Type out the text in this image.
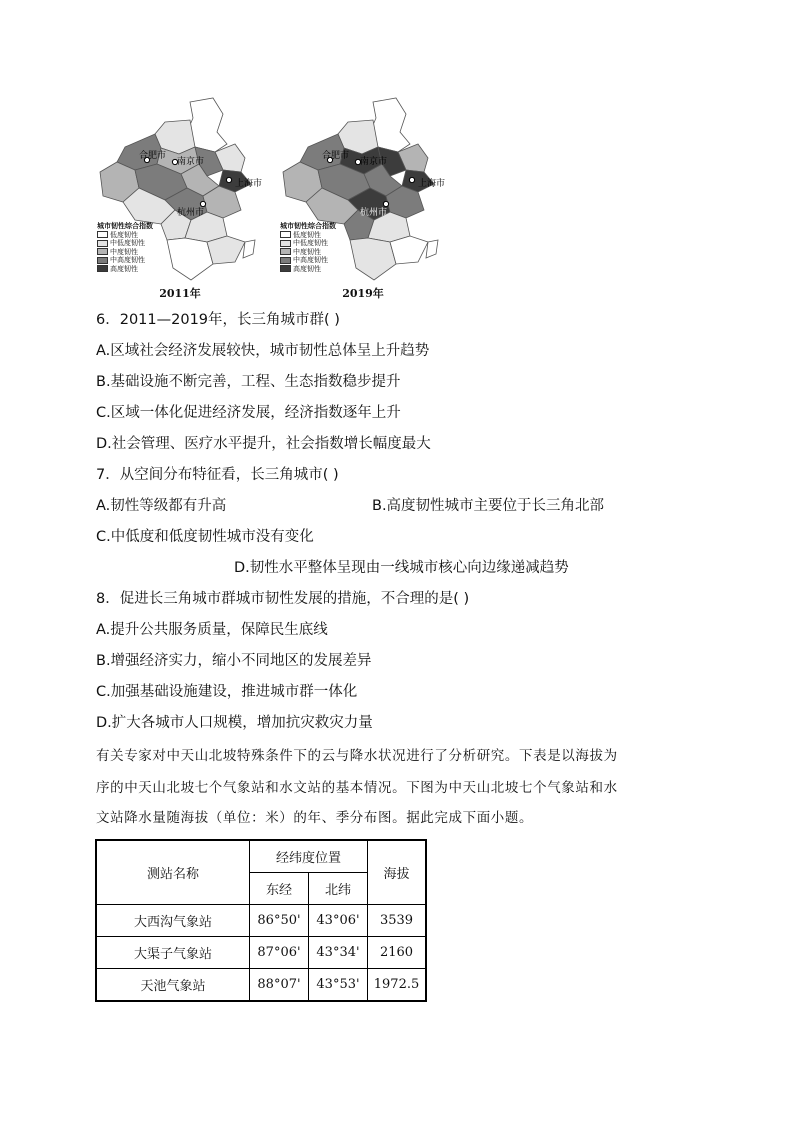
合肥市
南京市
上海市
杭州市
城市韧性综合指数
低度韧性
中低度韧性
中度韧性
中高度韧性
高度韧性
2011年
合肥市
南京市
上海市
杭州市
城市韧性综合指数
低度韧性
中低度韧性
中度韧性
中高度韧性
高度韧性
2019年
6．2011—2019年，长三角城市群( )
A.区域社会经济发展较快，城市韧性总体呈上升趋势
B.基础设施不断完善，工程、生态指数稳步提升
C.区域一体化促进经济发展，经济指数逐年上升
D.社会管理、医疗水平提升，社会指数增长幅度最大
7．从空间分布特征看，长三角城市( )
A.韧性等级都有升高	B.高度韧性城市主要位于长三角北部
C.中低度和低度韧性城市没有变化
D.韧性水平整体呈现由一线城市核心向边缘递减趋势
8．促进长三角城市群城市韧性发展的措施，不合理的是( )
A.提升公共服务质量，保障民生底线
B.增强经济实力，缩小不同地区的发展差异
C.加强基础设施建设，推进城市群一体化
D.扩大各城市人口规模，增加抗灾救灾力量
有关专家对中天山北坡特殊条件下的云与降水状况进行了分析研究。下表是以海拔为
序的中天山北坡七个气象站和水文站的基本情况。下图为中天山北坡七个气象站和水
文站降水量随海拔（单位：米）的年、季分布图。据此完成下面小题。
测站名称	经纬度位置		海拔
	东经	北纬	
大西沟气象站	86°50'	43°06'	3539
大渠子气象站	87°06'	43°34'	2160
天池气象站	88°07'	43°53'	1972.5
